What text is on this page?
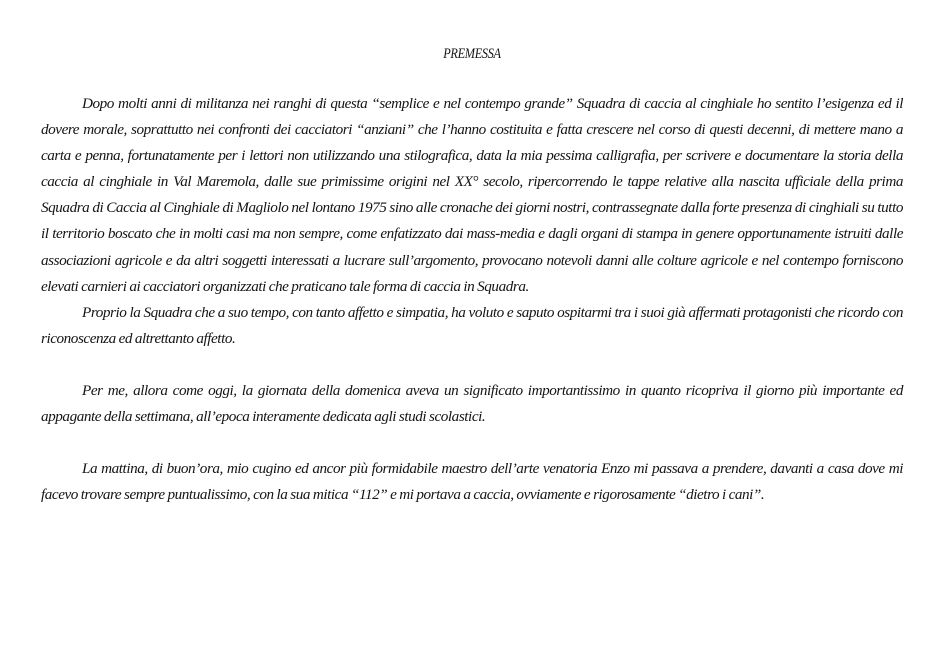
PREMESSA

Dopo molti anni di militanza nei ranghi di questa “semplice e nel contempo grande” Squadra di caccia al cinghiale ho sentito l’esigenza ed il dovere morale, soprattutto nei confronti dei cacciatori “anziani” che l’hanno costituita e fatta crescere nel corso di questi decenni, di mettere mano a carta e penna, fortunatamente per i lettori non utilizzando una stilografica, data la mia pessima calligrafia, per scrivere e documentare la storia della caccia al cinghiale in Val Maremola, dalle sue primissime origini nel XX° secolo, ripercorrendo le tappe relative alla nascita ufficiale della prima Squadra di Caccia al Cinghiale di Magliolo nel lontano 1975 sino alle cronache dei giorni nostri, contrassegnate dalla forte presenza di cinghiali su tutto il territorio boscato che in molti casi ma non sempre, come enfatizzato dai mass-media e dagli organi di stampa in genere opportunamente istruiti dalle associazioni agricole e da altri soggetti interessati a lucrare sull’argomento, provocano notevoli danni alle colture agricole e nel contempo forniscono elevati carnieri ai cacciatori organizzati che praticano tale forma di caccia in Squadra.

Proprio la Squadra che a suo tempo, con tanto affetto e simpatia, ha voluto e saputo ospitarmi tra i suoi già affermati protagonisti che ricordo con riconoscenza ed altrettanto affetto.

Per me, allora come oggi, la giornata della domenica aveva un significato importantissimo in quanto ricopriva il giorno più importante ed appagante della settimana, all’epoca interamente dedicata agli studi scolastici.

La mattina, di buon’ora, mio cugino ed ancor più formidabile maestro dell’arte venatoria Enzo mi passava a prendere, davanti a casa dove mi facevo trovare sempre puntualissimo, con la sua mitica “112” e mi portava a caccia, ovviamente e rigorosamente “dietro i cani”.
